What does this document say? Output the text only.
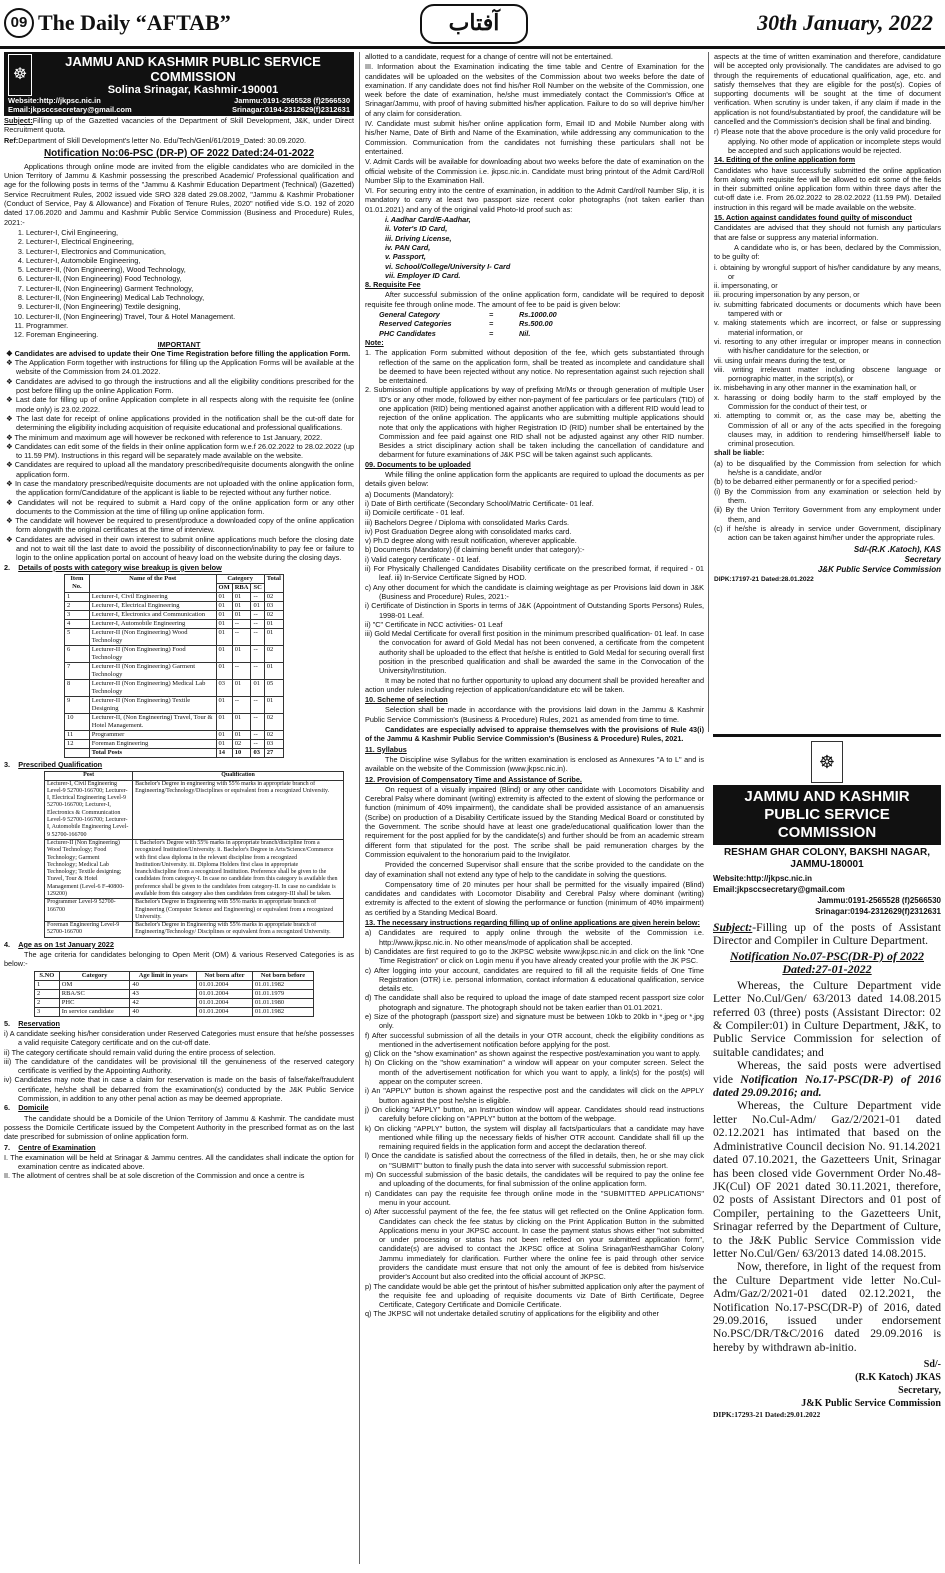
09 The Daily “AFTAB”	آفتاب	30th January, 2022
☸
JAMMU AND KASHMIR PUBLIC SERVICE COMMISSION
Solina Srinagar, Kashmir-190001
Website:http://jkpsc.nic.in	Jammu:0191-2565528 (f)2566530
Email:jkpsccsecretary@gmail.com	Srinagar:0194-2312629(f)2312631

Subject:Filling up of the Gazetted vacancies of the Department of Skill Development, J&K, under Direct Recruitment quota.

Ref:Department of Skill Development's letter No. Edu/Tech/Genl/61/2019_Dated: 30.09.2020.

Notification No:06-PSC (DR-P) OF 2022 Dated:24-01-2022

Applications through online mode are invited from the eligible candidates who are domiciled in the Union Territory of Jammu & Kashmir possessing the prescribed Academic/ Professional qualification and age for the following posts in terms of the "Jammu & Kashmir Education Department (Technical) (Gazetted) Service Recruitment Rules, 2002 issued vide SRO 328 dated 29.08.2002, "Jammu & Kashmir Probationer (Conduct of Service, Pay & Allowance) and Fixation of Tenure Rules, 2020" notified vide S.O. 192 of 2020 dated 17.06.2020 and Jammu and Kashmir Public Service Commission (Business and Procedure) Rules, 2021:-

1. Lecturer-I, Civil Engineering,
2. Lecturer-I, Electrical Engineering,
3. Lecturer-I, Electronics and Communication,
4. Lecturer-I, Automobile Engineering,
5. Lecturer-II, (Non Engineering), Wood Technology,
6. Lecturer-II, (Non Engineering) Food Technology,
7. Lecturer-II, (Non Engineering) Garment Technology,
8. Lecturer-II, (Non Engineering) Medical Lab Technology,
9. Lecturer-II, (Non Engineering) Textile designing,
10. Lecturer-II, (Non Engineering) Travel, Tour & Hotel Management.
11. Programmer.
12. Foreman Engineering.
IMPORTANT

❖ Candidates are advised to update their One Time Registration before filling the application Form.

❖ The Application Form together with instructions for filling up the Application Forms will be available at the website of the Commission from 24.01.2022.

❖ Candidates are advised to go through the instructions and all the eligibility conditions prescribed for the post before filling up the online Application Form.

❖ Last date for filling up of online Application complete in all respects along with the requisite fee (online mode only) is 23.02.2022.

❖ The last date for receipt of online applications provided in the notification shall be the cut-off date for determining the eligibility including acquisition of requisite educational and professional qualifications.

❖ The minimum and maximum age will however be reckoned with reference to 1st January, 2022.

❖ Candidates can edit some of the fields in their online application form w.e.f 26.02.2022 to 28.02.2022 (up to 11.59 PM). Instructions in this regard will be separately made available on the website.

❖ Candidates are required to upload all the mandatory prescribed/requisite documents alongwith the online application form.

❖ In case the mandatory prescribed/requisite documents are not uploaded with the online application form, the application form/Candidature of the applicant is liable to be rejected without any further notice.

❖ Candidates will not be required to submit a Hard copy of the online application form or any other documents to the Commission at the time of filling up online application form.

❖ The candidate will however be required to present/produce a downloaded copy of the online application form alongwith the original certificates at the time of interview.

❖ Candidates are advised in their own interest to submit online applications much before the closing date and not to wait till the last date to avoid the possibility of disconnection/inability to pay fee or failure to login to the online application portal on account of heavy load on the website during the closing days.

2.    Details of posts with category wise breakup is given below

Item No.	Name of the Post	Category			Total
		OM	RBA	SC	
1	Lecturer-I, Civil Engineering	01	01	--	02
2	Lecturer-I, Electrical Engineering	01	01	01	03
3	Lecturer-I, Electronics and Communication	01	01	--	02
4	Lecturer-I, Automobile Engineering	01	--	--	01
5	Lecturer-II (Non Engineering) Wood Technology	01	--	--	01
6	Lecturer-II (Non Engineering) Food Technology	01	01	--	02
7	Lecturer-II (Non Engineering) Garment Technology	01	--	--	01
8	Lecturer-II (Non Engineering) Medical Lab Technology	03	01	01	05
9	Lecturer-II (Non Engineering) Textile Designing	01	--	--	01
10	Lecturer-II, (Non Engineering) Travel, Tour & Hotel Management.	01	01	--	02
11	Programmer	01	01	--	02
12	Foreman Engineering	01	02	--	03
	Total Posts	14	10	03	27

3.    Prescribed Qualification

Post	Qualification
Lecturer-I, Civil Engineering Level-9 52700-166700; Lecturer-I, Electrical Engineering Level-9 52700-166700; Lecturer-I, Electronics & Communication Level-9 52700-166700; Lecturer-I, Automobile Engineering Level-9 52700-166700	Bachelor's Degree in engineering with 55% marks in appropriate branch of Engineering/Technology/Disciplines or equivalent from a recognized University.
Lecturer-II (Non Engineering) Wood Technology; Food Technology; Garment Technology; Medical Lab Technology; Textile designing; Travel, Tour & Hotel Management (Level-6 F-40800-129200)	i. Bachelor's Degree with 55% marks in appropriate branch/discipline from a recognized Institution/University. ii. Bachelor's Degree in Arts/Science/Commerce with first class diploma in the relevant discipline from a recognized Institution/University. iii. Diploma Holders first class in appropriate branch/discipline from a recognized Institution. Preference shall be given to the candidates from category-I. In case no candidate from this category is available then preference shall be given to the candidates from category-II. In case no candidate is available from this category also then candidates from category-III shall be taken.
Programmer Level-9 52700-166700	Bachelor's Degree in Engineering with 55% marks in appropriate branch of Engineering (Computer Science and Engineering) or equivalent from a recognized University.
Foreman Engineering Level-9 52700-166700	Bachelor's Degree in Engineering with 55% marks in appropriate branch of Engineering/Technology/ Disciplines or equivalent from a recognized University.

4.    Age as on 1st January 2022

The age criteria for candidates belonging to Open Merit (OM) & various Reserved Categories is as below:-

S.NO	Category	Age limit in years	Not born after	Not born before
1	OM	40	01.01.2004	01.01.1982
2	RBA/SC	43	01.01.2004	01.01.1979
2	PHC	42	01.01.2004	01.01.1980
3	In service candidate	40	01.01.2004	01.01.1982

5.    Reservation

i) A candidate seeking his/her consideration under Reserved Categories must ensure that he/she possesses a valid requisite Category certificate and on the cut-off date.

ii) The category certificate should remain valid during the entire process of selection.

iii) The candidature of the candidates will be provisional till the genuineness of the reserved category certificate is verified by the Appointing Authority.

iv) Candidates may note that in case a claim for reservation is made on the basis of false/fake/fraudulent certificate, he/she shall be debarred from the examination(s) conducted by the J&K Public Service Commission, in addition to any other penal action as may be deemed appropriate.

6.    Domicile

The candidate should be a Domicile of the Union Territory of Jammu & Kashmir. The candidate must possess the Domicile Certificate issued by the Competent Authority in the prescribed format as on the last date prescribed for submission of online application form.

7.    Centre of Examination

I. The examination will be held at Srinagar & Jammu centres. All the candidates shall indicate the option for examination centre as indicated above.

II. The allotment of centres shall be at sole discretion of the Commission and once a centre is

allotted to a candidate, request for a change of centre will not be entertained.

III. Information about the Examination indicating the time table and Centre of Examination for the candidates will be uploaded on the websites of the Commission about two weeks before the date of examination. If any candidate does not find his/her Roll Number on the website of the Commission, one week before the date of examination, he/she must immediately contact the Commission's Office at Srinagar/Jammu, with proof of having submitted his/her application. Failure to do so will deprive him/her of any claim for consideration.

IV. Candidate must submit his/her online application form, Email ID and Mobile Number along with his/her Name, Date of Birth and Name of the Examination, while addressing any communication to the Commission. Communication from the candidates not furnishing these particulars shall not be entertained.

V. Admit Cards will be available for downloading about two weeks before the date of examination on the official website of the Commission i.e. jkpsc.nic.in. Candidate must bring printout of the Admit Card/Roll Number Slip to the Examination Hall.

VI. For securing entry into the centre of examination, in addition to the Admit Card/roll Number Slip, it is mandatory to carry at least two passport size recent color photographs (not taken earlier than 01.01.2021) and any of the original valid Photo-Id proof such as:

i. Aadhar Card/E-Aadhar,
ii. Voter's ID Card,
iii. Driving License,
iv. PAN Card,
v. Passport,
vi. School/College/University I- Card
vii. Employer ID Card.

8. Requisite Fee

After successful submission of the online application form, candidate will be required to deposit requisite fee through online mode. The amount of fee to be paid is given below:

General Category	=	Rs.1000.00
Reserved Categories	=	Rs.500.00
PHC Candidates	=	Nil.

Note:

1. The application Form submitted without deposition of the fee, which gets substantiated through reflection of the same on the application form, shall be treated as incomplete and candidature shall be deemed to have been rejected without any notice. No representation against such rejection shall be entertained.

2. Submission of multiple applications by way of prefixing Mr/Ms or through generation of multiple User ID's or any other mode, followed by either non-payment of fee particulars or fee particulars (TID) of one application (RID) being mentioned against another application with a different RID would lead to rejection of the online application. The applicants who are submitting multiple applications should note that only the applications with higher Registration ID (RID) number shall be entertained by the Commission and fee paid against one RID shall not be adjusted against any other RID number. Besides a strict disciplinary action shall be taken including the cancellation of candidature and debarment for future examinations of J&K PSC will be taken against such applicants.

09. Documents to be uploaded

While filling the online application form the applicants are required to upload the documents as per details given below:

a) Documents (Mandatory):

i) Date of Birth certificate (Secondary School/Matric Certificate- 01 leaf.

ii) Domicile certificate - 01 leaf.

iii) Bachelors Degree / Diploma with consolidated Marks Cards.

iv) Post Graduation Degree along with consolidated marks card.

v) Ph.D degree along with result notification, wherever applicable.

b) Documents (Mandatory) (if claiming benefit under that category):-

i) Valid category certificate - 01 leaf.

ii) For Physically Challenged Candidates Disability certificate on the prescribed format, if required - 01 leaf. iii) In-Service Certificate Signed by HOD.

c) Any other document for which the candidate is claiming weightage as per Provisions laid down in J&K (Business and Procedure) Rules, 2021:-

i) Certificate of Distinction in Sports in terms of J&K (Appointment of Outstanding Sports Persons) Rules, 1998-01 Leaf.

ii) "C" Certificate in NCC activities- 01 Leaf

iii) Gold Medal Certificate for overall first position in the minimum prescribed qualification- 01 leaf. In case the convocation for award of Gold Medal has not been convened, a certificate from the competent authority shall be uploaded to the effect that he/she is entitled to Gold Medal for securing overall first position in the prescribed qualification and shall be awarded the same in the Convocation of the University/Institution.

It may be noted that no further opportunity to upload any document shall be provided hereafter and action under rules including rejection of application/candidature etc will be taken.

10. Scheme of selection

Selection shall be made in accordance with the provisions laid down in the Jammu & Kashmir Public Service Commission's (Business & Procedure) Rules, 2021 as amended from time to time.

Candidates are especially advised to appraise themselves with the provisions of Rule 43(i) of the Jammu & Kashmir Public Service Commission's (Business & Procedure) Rules, 2021.

11. Syllabus

The Discipline wise Syllabus for the written examination is enclosed as Annexures "A to L" and is available on the website of the Commission (www.jkpsc.nic.in).

12. Provision of Compensatory Time and Assistance of Scribe.

On request of a visually impaired (Blind) or any other candidate with Locomotors Disability and Cerebral Palsy where dominant (writing) extremity is affected to the extent of slowing the performance or function (minimum of 40% impairment), the candidate shall be provided assistance of an amanuensis (Scribe) on production of a Disability Certificate issued by the Standing Medical Board or constituted by the Government. The scribe should have at least one grade/educational qualification lower than the requirement for the post applied for by the candidate(s) and further should be from an academic stream different form that stipulated for the post. The scribe shall be paid remuneration charges by the Commission equivalent to the honorarium paid to the Invigilator.

Provided the concerned Supervisor shall ensure that the scribe provided to the candidate on the day of examination shall not extend any type of help to the candidate in solving the questions.

Compensatory time of 20 minutes per hour shall be permitted for the visually impaired (Blind) candidates and candidates with Locomotor Disability and Cerebral Palsy where dominant (writing) extremity is affected to the extent of slowing the performance or function (minimum of 40% impairment) as certified by a Standing Medical Board.

13. The necessary instructions regarding filling up of online applications are given herein below:

a) Candidates are required to apply online through the website of the Commission i.e. http://www.jkpsc.nic.in. No other means/mode of application shall be accepted.

b) Candidates are first required to go to the JKPSC website www.jkpsc.nic.in and click on the link "One Time Registration" or click on Login menu if you have already created your profile with the JK PSC.

c) After logging into your account, candidates are required to fill all the requisite fields of One Time Registration (OTR) i.e. personal information, contact information & educational qualification, service details etc.

d) The candidate shall also be required to upload the image of date stamped recent passport size color photograph and signature. The photograph should not be taken earlier than 01.01.2021.

e) Size of the photograph (passport size) and signature must be between 10kb to 20kb in *.jpeg or *.jpg only.

f) After successful submission of all the details in your OTR account, check the eligibility conditions as mentioned in the advertisement notification before applying for the post.

g) Click on the "show examination" as shown against the respective post/examination you want to apply.

h) On Clicking on the "show examination" a window will appear on your computer screen. Select the month of the advertisement notification for which you want to apply, a link(s) for the post(s) will appear on the computer screen.

i) An "APPLY" button is shown against the respective post and the candidates will click on the APPLY button against the post he/she is eligible.

j) On clicking "APPLY" button, an Instruction window will appear. Candidates should read instructions carefully before clicking on "APPLY" button at the bottom of the webpage.

k) On clicking "APPLY" button, the system will display all facts/particulars that a candidate may have mentioned while filling up the necessary fields of his/her OTR account. Candidate shall fill up the remaining required fields in the application form and accept the declaration thereof.

l) Once the candidate is satisfied about the correctness of the filled in details, then, he or she may click on "SUBMIT" button to finally push the data into server with successful submission report.

m) On successful submission of the basic details, the candidates will be required to pay the online fee and uploading of the documents, for final submission of the online application form.

n) Candidates can pay the requisite fee through online mode in the "SUBMITTED APPLICATIONS" menu in your account.

o) After successful payment of the fee, the fee status will get reflected on the Online Application form. Candidates can check the fee status by clicking on the Print Application Button in the submitted Applications menu in your JKPSC account. In case the payment status shows either "not submitted or under processing or status has not been reflected on your submitted application form", candidate(s) are advised to contact the JKPSC office at Solina Srinagar/ResthamGhar Colony Jammu immediately for clarification. Further where the online fee is paid through other service providers the candidate must ensure that not only the amount of fee is debited from his/service provider's Account but also credited into the official account of JKPSC.

p) The candidate would be able get the printout of his/her submitted application only after the payment of the requisite fee and uploading of requisite documents viz Date of Birth Certificate, Degree Certificate, Category Certificate and Domicile Certificate.

q) The JKPSC will not undertake detailed scrutiny of applications for the eligibility and other

aspects at the time of written examination and therefore, candidature will be accepted only provisionally. The candidates are advised to go through the requirements of educational qualification, age, etc. and satisfy themselves that they are eligible for the post(s). Copies of supporting documents will be sought at the time of document verification. When scrutiny is under taken, if any claim if made in the application is not found/substantiated by proof, the candidature will be cancelled and the Commission's decision shall be final and binding.

r) Please note that the above procedure is the only valid procedure for applying. No other mode of application or incomplete steps would be accepted and such applications would be rejected.

14. Editing of the online application form

Candidates who have successfully submitted the online application form along with requisite fee will be allowed to edit some of the fields in their submitted online application form within three days after the cut-off date i.e. From 26.02.2022 to 28.02.2022 (11.59 PM). Detailed instruction in this regard will be made available on the website.

15. Action against candidates found guilty of misconduct

Candidates are advised that they should not furnish any particulars that are false or suppress any material information.

A candidate who is, or has been, declared by the Commission, to be guilty of:

i. obtaining by wrongful support of his/her candidature by any means, or

ii. impersonating, or

iii. procuring impersonation by any person, or

iv. submitting fabricated documents or documents which have been tampered with or

v. making statements which are incorrect, or false or suppressing material information, or

vi. resorting to any other irregular or improper means in connection with his/her candidature for the selection, or

vii. using unfair means during the test, or

viii. writing irrelevant matter including obscene language or pornographic matter, in the script(s), or

ix. misbehaving in any other manner in the examination hall, or

x. harassing or doing bodily harm to the staff employed by the Commission for the conduct of their test, or

xi. attempting to commit or, as the case may be, abetting the Commission of all or any of the acts specified in the foregoing clauses may, in addition to rendering himself/herself liable to criminal prosecution.

shall be liable:

(a) to be disqualified by the Commission from selection for which he/she is a candidate, and/or

(b) to be debarred either permanently or for a specified period:-

(i) By the Commission from any examination or selection held by them.

(ii) By the Union Territory Government from any employment under them, and

(c) if he/she is already in service under Government, disciplinary action can be taken against him/her under the appropriate rules.

Sd/-(R.K .Katoch), KAS
Secretary
J&K Public Service Commission
DIPK:17197-21 Dated:28.01.2022
☸
JAMMU AND KASHMIR PUBLIC SERVICE COMMISSION
RESHAM GHAR COLONY, BAKSHI NAGAR, JAMMU-180001
Website:http://jkpsc.nic.in
Email:jkpsccsecretary@gmail.com
Jammu:0191-2565528 (f)2566530
Srinagar:0194-2312629(f)2312631

Subject:-Filling up of the posts of Assistant Director and Compiler in Culture Department.

Notification No.07-PSC(DR-P) of 2022 Dated:27-01-2022

Whereas, the Culture Department vide Letter No.Cul/Gen/ 63/2013 dated 14.08.2015 referred 03 (three) posts (Assistant Director: 02 & Compiler:01) in Culture Department, J&K, to Public Service Commission for selection of suitable candidates; and

Whereas, the said posts were advertised vide Notification No.17-PSC(DR-P) of 2016 dated 29.09.2016; and.

Whereas, the Culture Department vide letter No.Cul-Adm/ Gaz/2/2021-01 dated 02.12.2021 has intimated that based on the Administrative Council decision No. 91.14.2021 dated 07.10.2021, the Gazetteers Unit, Srinagar has been closed vide Government Order No.48-JK(Cul) OF 2021 dated 30.11.2021, therefore, 02 posts of Assistant Directors and 01 post of Compiler, pertaining to the Gazetteers Unit, Srinagar referred by the Department of Culture, to the J&K Public Service Commission vide letter No.Cul/Gen/ 63/2013 dated 14.08.2015.

Now, therefore, in light of the request from the Culture Department vide letter No.Cul-Adm/Gaz/2/2021-01 dated 02.12.2021, the Notification No.17-PSC(DR-P) of 2016, dated 29.09.2016, issued under endorsement No.PSC/DR/T&C/2016 dated 29.09.2016 is hereby by withdrawn ab-initio.

Sd/-
(R.K Katoch) JKAS
Secretary,
J&K Public Service Commission
DIPK:17293-21 Dated:29.01.2022
